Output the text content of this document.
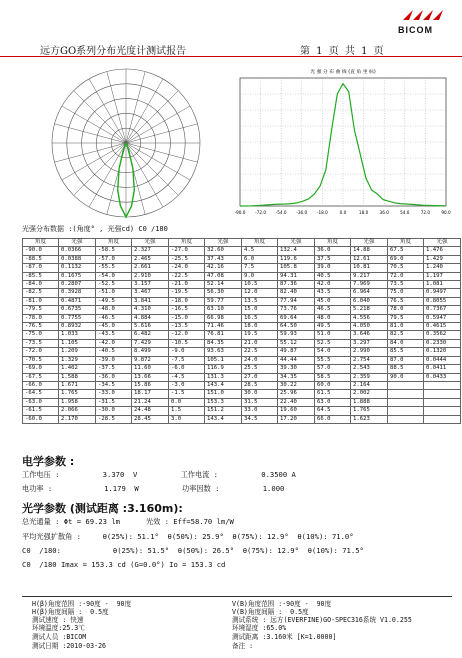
BICOM
远方GO系列分布光度计测试报告	第 1 页 共 1 页
光 强 分 布 曲 线 (直 角 坐 标)
-90.0 -72.0 -54.0 -36.0 -18.0	0.0	18.0	36.0	54.0	72.0	90.0
光强分布数据 :(角度° , 光强cd) C0 /180
角度	光强	角度	光强	角度	光强	角度	光强	角度	光强	角度	光强
-90.0	0.0366	-58.5	2.327	-27.0	32.60	4.5	132.4	36.0	14.88	67.5	1.476
-88.5	0.0388	-57.0	2.465	-25.5	37.43	6.0	119.6	37.5	12.61	69.0	1.429
-87.0	0.1132	-55.5	2.661	-24.0	42.16	7.5	105.8	39.0	10.81	70.5	1.240
-85.5	0.1675	-54.0	2.910	-22.5	47.08	9.0	94.31	40.5	9.217	72.0	1.197
-84.0	0.2807	-52.5	3.157	-21.0	52.14	10.5	87.36	42.0	7.969	73.5	1.081
-82.5	0.3928	-51.0	3.467	-19.5	56.30	12.0	82.40	43.5	6.964	75.0	0.9497
-81.0	0.4871	-49.5	3.841	-18.0	59.77	13.5	77.94	45.0	6.040	76.5	0.8055
-79.5	0.6735	-48.0	4.310	-16.5	63.10	15.0	73.76	46.5	5.218	78.0	0.7367
-78.0	0.7755	-46.5	4.884	-15.0	66.98	16.5	69.64	48.0	4.556	79.5	0.5947
-76.5	0.8932	-45.0	5.616	-13.5	71.46	18.0	64.50	49.5	4.050	81.0	0.4615
-75.0	1.033	-43.5	6.482	-12.0	76.81	19.5	59.93	51.0	3.646	82.5	0.3562
-73.5	1.105	-42.0	7.429	-10.5	84.35	21.0	55.12	52.5	3.297	84.0	0.2330
-72.0	1.209	-40.5	8.499	-9.0	93.63	22.5	49.87	54.0	2.990	85.5	0.1320
-70.5	1.329	-39.0	9.872	-7.5	105.1	24.0	44.44	55.5	2.754	87.0	0.0444
-69.0	1.402	-37.5	11.60	-6.0	116.9	25.5	39.30	57.0	2.543	88.5	0.0411
-67.5	1.588	-36.0	13.66	-4.5	131.3	27.0	34.35	58.5	2.359	90.0	0.0433
-66.0	1.671	-34.5	15.86	-3.0	143.4	28.5	30.22	60.0	2.164		
-64.5	1.765	-33.0	18.17	-1.5	151.0	30.0	25.96	61.5	2.002		
-63.0	1.958	-31.5	21.24	0.0	153.3	31.5	22.40	63.0	1.888		
-61.5	2.066	-30.0	24.48	1.5	151.2	33.0	19.60	64.5	1.765		
-60.0	2.170	-28.5	28.45	3.0	143.4	34.5	17.20	66.0	1.623		
电学参数 :
工作电压 :          3.370  V          工作电流 :          0.3500 A
电功率 :            1.179  W          功率因数 :          1.000
光学参数 (测试距离 :3.160m):
总光通量 : Φt = 69.23 lm      光效 : Eff=58.70 lm/W
平均光强扩散角 :     θ(25%): 51.1°  θ(50%): 25.9°  θ(75%): 12.9°  θ(10%): 71.0°
C0  /180:            θ(25%): 51.5°  θ(50%): 26.5°  θ(75%): 12.9°  θ(10%): 71.5°
C0  /180 Imax = 153.3 cd (G=0.0°) Io = 153.3 cd
H(β)角度范围 :-90度 -  90度
H(β)角度间隔 :  0.5度
测试速度 : 快速
环境温度:25.3℃
测试人员 :BICOM
测试日期 :2010-03-26
V(B)角度范围 :-90度 -  90度
V(B)角度间隔 :  0.5度
测试系统 : 远方(EVERFINE)GO-SPEC316系统 V1.0.255
环境湿度 :65.0%
测试距离 :3.160米 [K=1.0000]
备注 :
